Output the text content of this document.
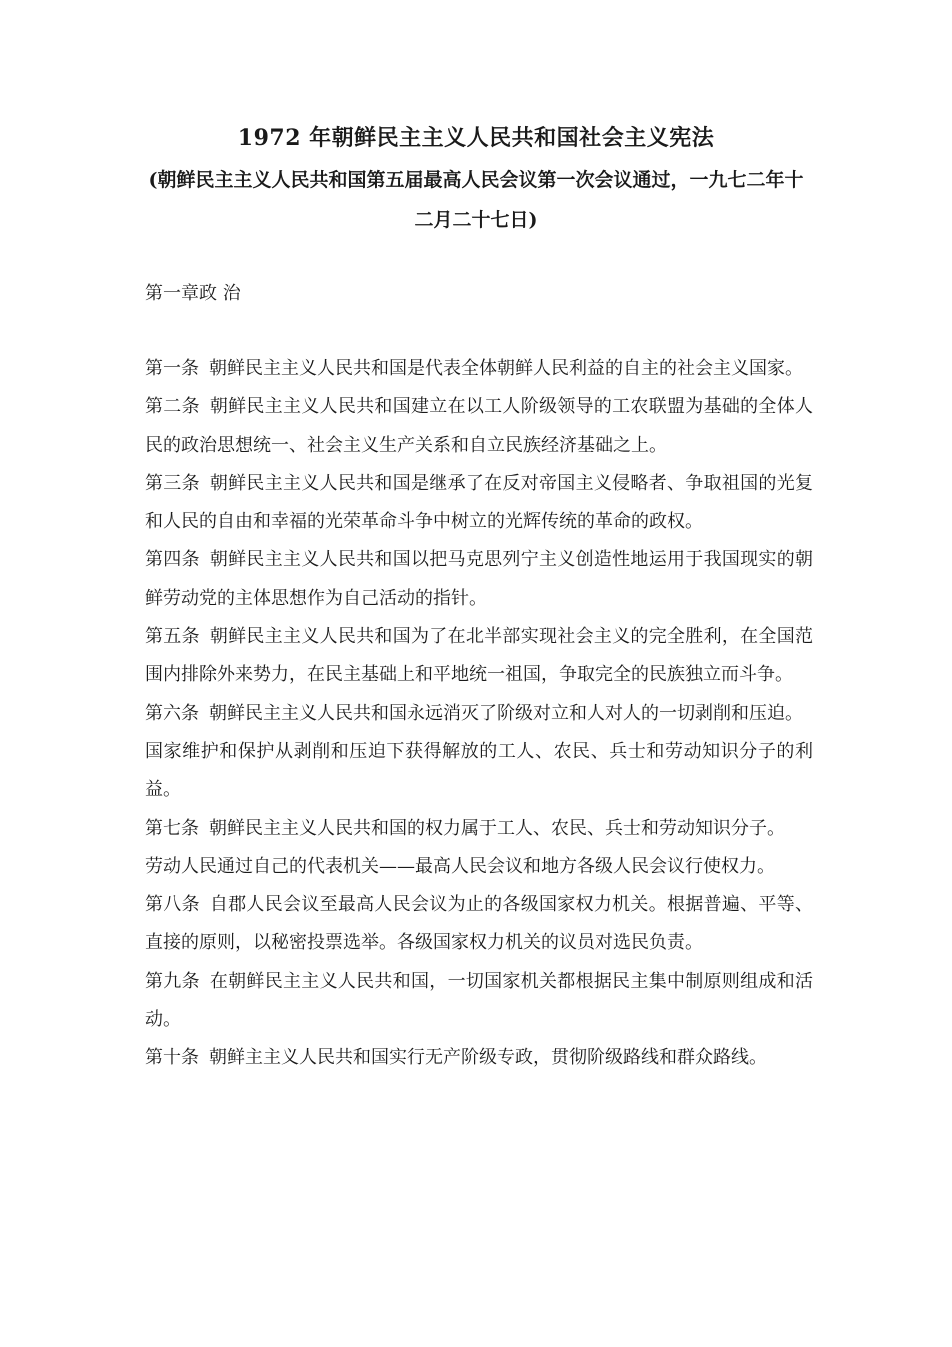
1972 年朝鲜民主主义人民共和国社会主义宪法
(朝鲜民主主义人民共和国第五届最高人民会议第一次会议通过，一九七二年十二月二十七日)
第一章政 治

第一条 朝鲜民主主义人民共和国是代表全体朝鲜人民利益的自主的社会主义国家。

第二条 朝鲜民主主义人民共和国建立在以工人阶级领导的工农联盟为基础的全体人民的政治思想统一、社会主义生产关系和自立民族经济基础之上。

第三条 朝鲜民主主义人民共和国是继承了在反对帝国主义侵略者、争取祖国的光复和人民的自由和幸福的光荣革命斗争中树立的光辉传统的革命的政权。

第四条 朝鲜民主主义人民共和国以把马克思列宁主义创造性地运用于我国现实的朝鲜劳动党的主体思想作为自己活动的指针。

第五条 朝鲜民主主义人民共和国为了在北半部实现社会主义的完全胜利，在全国范围内排除外来势力，在民主基础上和平地统一祖国，争取完全的民族独立而斗争。

第六条 朝鲜民主主义人民共和国永远消灭了阶级对立和人对人的一切剥削和压迫。

国家维护和保护从剥削和压迫下获得解放的工人、农民、兵士和劳动知识分子的利益。

第七条 朝鲜民主主义人民共和国的权力属于工人、农民、兵士和劳动知识分子。

劳动人民通过自己的代表机关——最高人民会议和地方各级人民会议行使权力。

第八条 自郡人民会议至最高人民会议为止的各级国家权力机关。根据普遍、平等、直接的原则，以秘密投票选举。各级国家权力机关的议员对选民负责。

第九条 在朝鲜民主主义人民共和国，一切国家机关都根据民主集中制原则组成和活动。

第十条 朝鲜主主义人民共和国实行无产阶级专政，贯彻阶级路线和群众路线。
